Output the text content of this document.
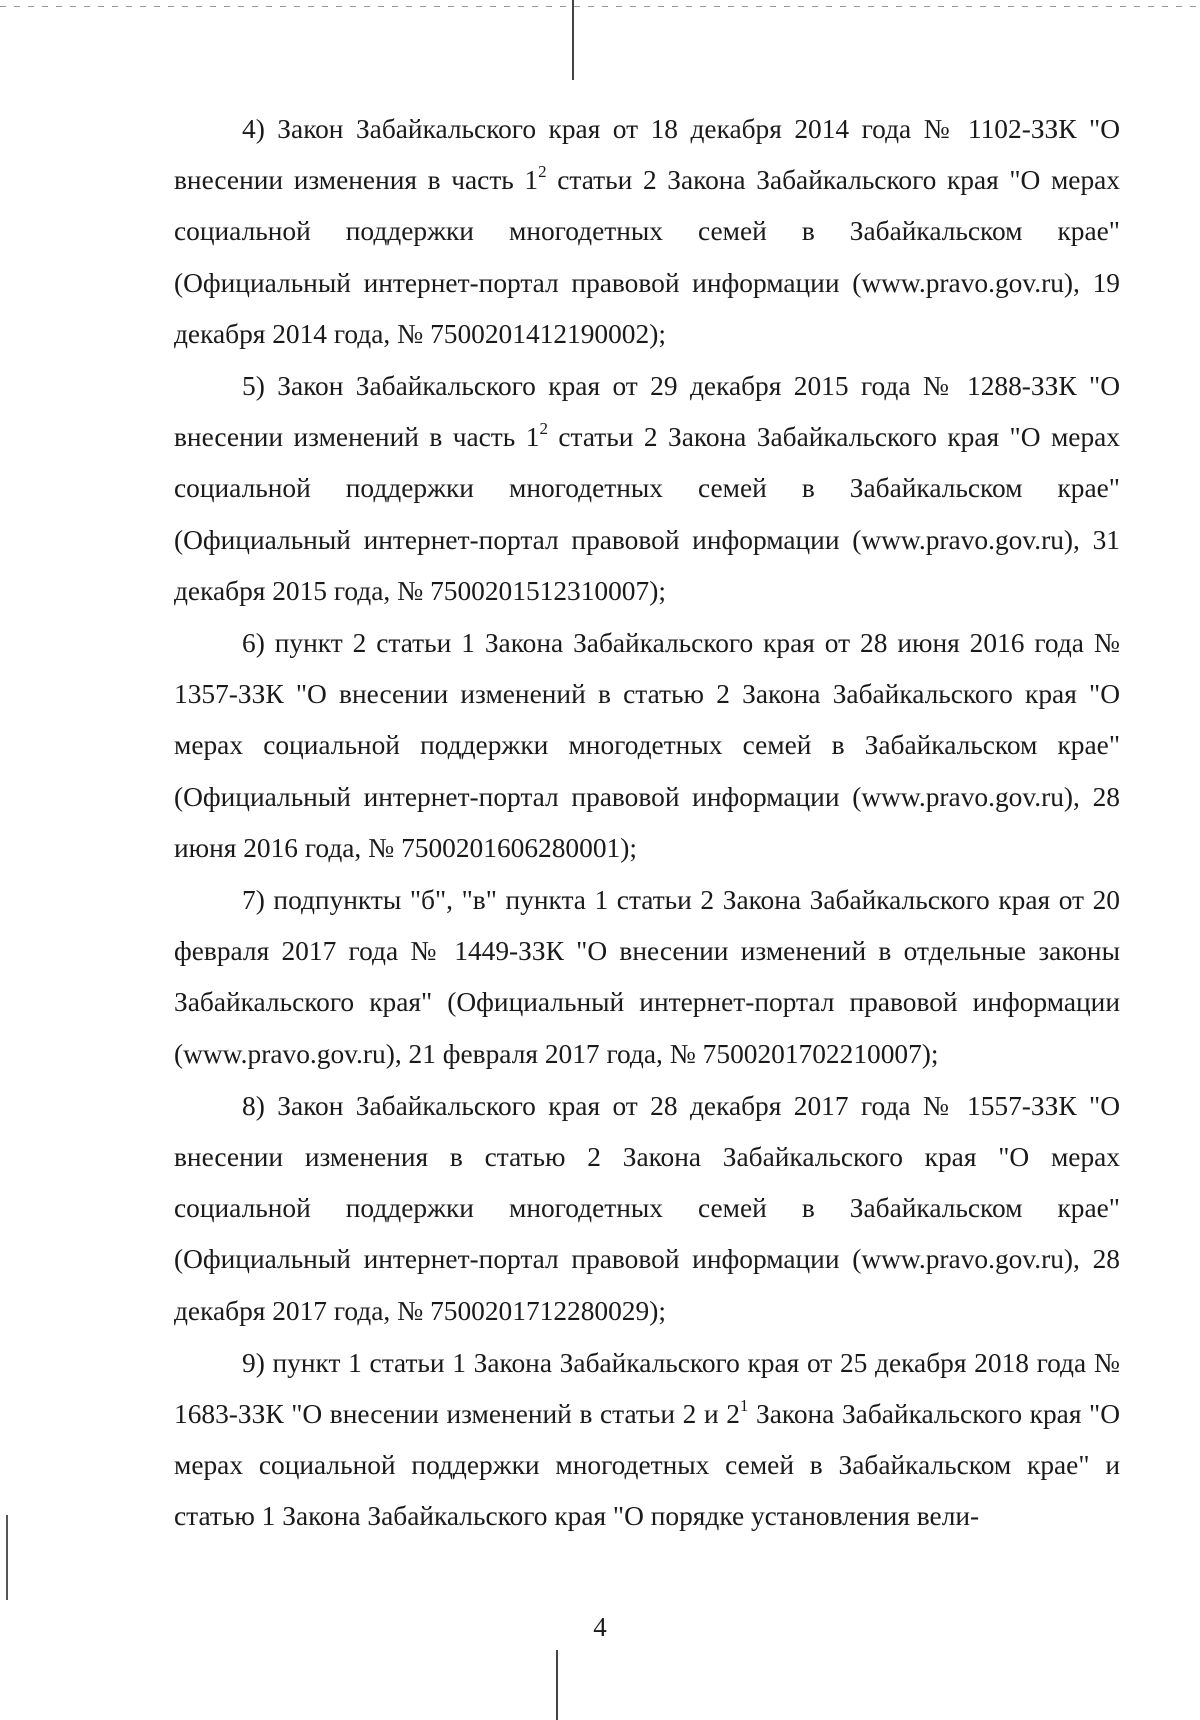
4) Закон Забайкальского края от 18 декабря 2014 года № 1102-ЗЗК "О внесении изменения в часть $1^2$ статьи 2 Закона Забайкальского края "О мерах социальной поддержки многодетных семей в Забайкальском крае" (Официальный интернет-портал правовой информации (www.pravo.gov.ru), 19 декабря 2014 года, № 7500201412190002);

5) Закон Забайкальского края от 29 декабря 2015 года № 1288-ЗЗК "О внесении изменений в часть $1^2$ статьи 2 Закона Забайкальского края "О мерах социальной поддержки многодетных семей в Забайкальском крае" (Официальный интернет-портал правовой информации (www.pravo.gov.ru), 31 декабря 2015 года, № 7500201512310007);

6) пункт 2 статьи 1 Закона Забайкальского края от 28 июня 2016 года № 1357-ЗЗК "О внесении изменений в статью 2 Закона Забайкальского края "О мерах социальной поддержки многодетных семей в Забайкальском крае" (Официальный интернет-портал правовой информации (www.pravo.gov.ru), 28 июня 2016 года, № 7500201606280001);

7) подпункты "б", "в" пункта 1 статьи 2 Закона Забайкальского края от 20 февраля 2017 года № 1449-ЗЗК "О внесении изменений в отдельные законы Забайкальского края" (Официальный интернет-портал правовой информации (www.pravo.gov.ru), 21 февраля 2017 года, № 7500201702210007);

8) Закон Забайкальского края от 28 декабря 2017 года № 1557-ЗЗК "О внесении изменения в статью 2 Закона Забайкальского края "О мерах социальной поддержки многодетных семей в Забайкальском крае" (Официальный интернет-портал правовой информации (www.pravo.gov.ru), 28 декабря 2017 года, № 7500201712280029);

9) пункт 1 статьи 1 Закона Забайкальского края от 25 декабря 2018 года № 1683-ЗЗК "О внесении изменений в статьи 2 и $2^1$ Закона Забайкальского края "О мерах социальной поддержки многодетных семей в Забайкальском крае" и статью 1 Закона Забайкальского края "О порядке установления вели-

4
